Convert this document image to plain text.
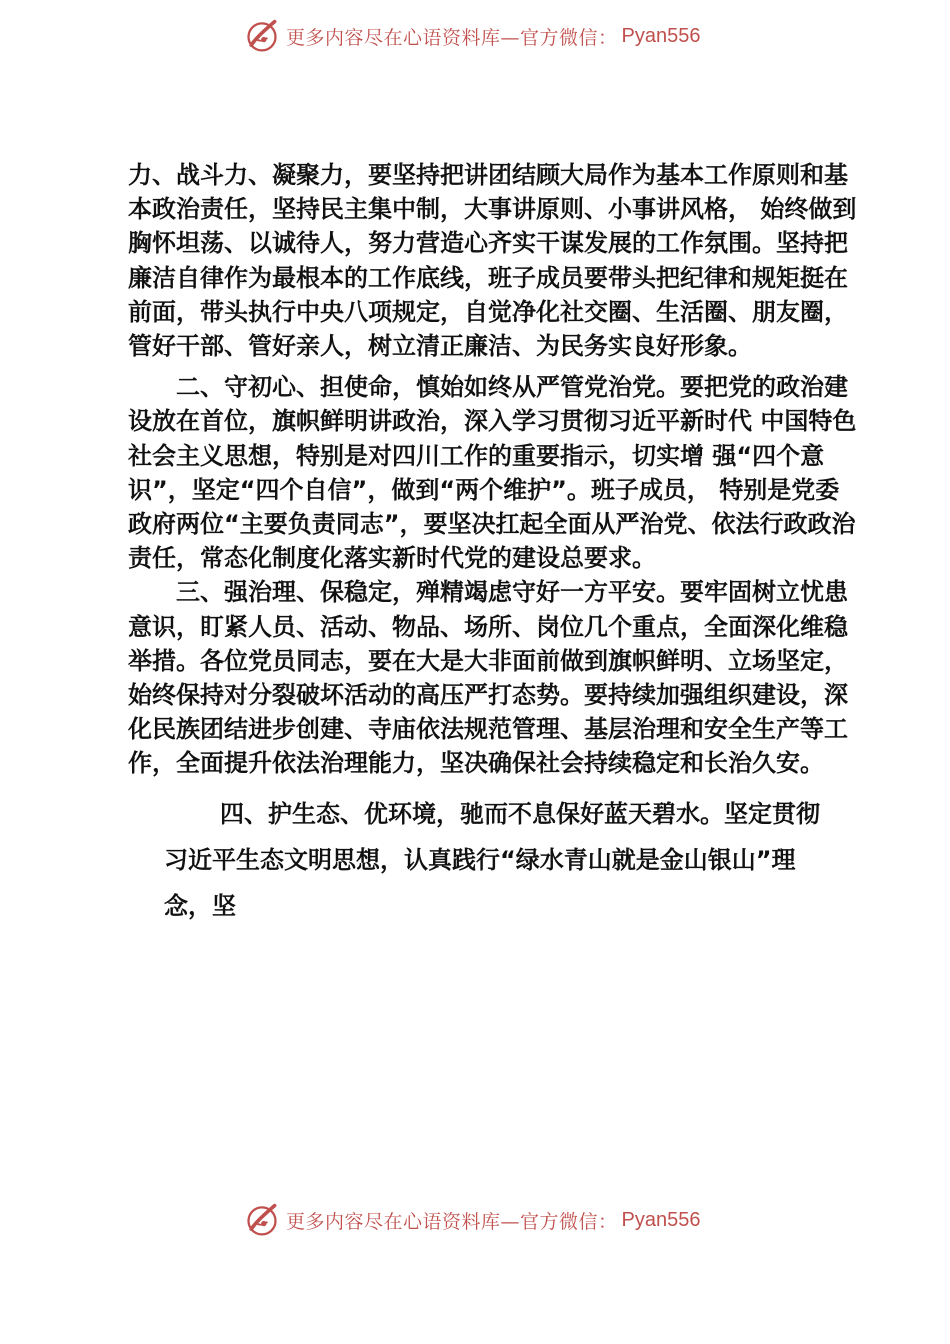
更多内容尽在心语资料库—官方微信： Pyan556

力、战斗力、凝聚力，要坚持把讲团结顾大局作为基本工作原则和基本政治责任，坚持民主集中制，大事讲原则、小事讲风格， 始终做到胸怀坦荡、以诚待人，努力营造心齐实干谋发展的工作氛围。坚持把廉洁自律作为最根本的工作底线，班子成员要带头把纪律和规矩挺在前面，带头执行中央八项规定，自觉净化社交圈、生活圈、朋友圈，管好干部、管好亲人，树立清正廉洁、为民务实良好形象。

二、守初心、担使命，慎始如终从严管党治党。要把党的政治建设放在首位，旗帜鲜明讲政治，深入学习贯彻习近平新时代 中国特色社会主义思想，特别是对四川工作的重要指示，切实增 强“四个意识”，坚定“四个自信”，做到“两个维护”。班子成员， 特别是党委政府两位“主要负责同志”，要坚决扛起全面从严治党、依法行政政治责任，常态化制度化落实新时代党的建设总要求。

三、强治理、保稳定，殚精竭虑守好一方平安。要牢固树立忧患意识，盯紧人员、活动、物品、场所、岗位几个重点，全面深化维稳举措。各位党员同志，要在大是大非面前做到旗帜鲜明、立场坚定，始终保持对分裂破坏活动的高压严打态势。要持续加强组织建设，深化民族团结进步创建、寺庙依法规范管理、基层治理和安全生产等工作，全面提升依法治理能力，坚决确保社会持续稳定和长治久安。

四、护生态、优环境，驰而不息保好蓝天碧水。坚定贯彻习近平生态文明思想，认真践行“绿水青山就是金山银山”理念，坚

更多内容尽在心语资料库—官方微信： Pyan556
